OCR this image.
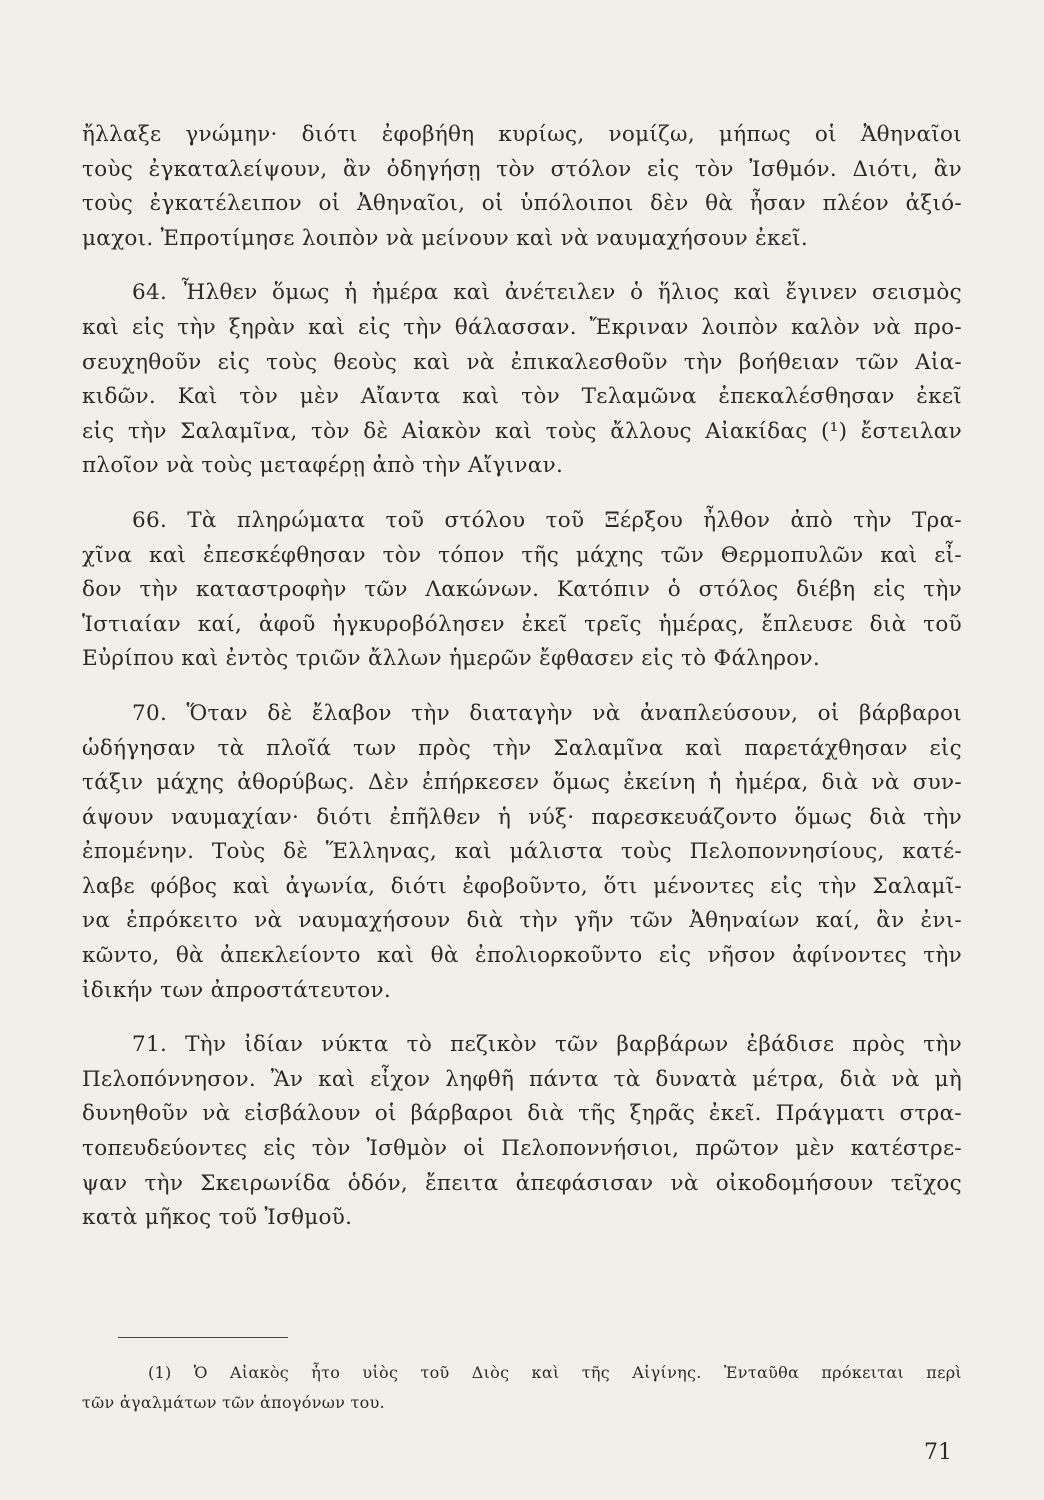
ἤλλαξε γνώμην· διότι ἐφοβήθη κυρίως, νομίζω, μήπως οἱ Ἀθηναῖοι
τοὺς ἐγκαταλείψουν, ἂν ὁδηγήσῃ τὸν στόλον εἰς τὸν Ἰσθμόν. Διότι, ἂν
τοὺς ἐγκατέλειπον οἱ Ἀθηναῖοι, οἱ ὑπόλοιποι δὲν θὰ ἦσαν πλέον ἀξιό-
μαχοι. Ἐπροτίμησε λοιπὸν νὰ μείνουν καὶ νὰ ναυμαχήσουν ἐκεῖ.
64. Ἦλθεν ὅμως ἡ ἡμέρα καὶ ἀνέτειλεν ὁ ἥλιος καὶ ἔγινεν σεισμὸς
καὶ εἰς τὴν ξηρὰν καὶ εἰς τὴν θάλασσαν. Ἔκριναν λοιπὸν καλὸν νὰ προ-
σευχηθοῦν εἰς τοὺς θεοὺς καὶ νὰ ἐπικαλεσθοῦν τὴν βοήθειαν τῶν Αἰα-
κιδῶν. Καὶ τὸν μὲν Αἴαντα καὶ τὸν Τελαμῶνα ἐπεκαλέσθησαν ἐκεῖ
εἰς τὴν Σαλαμῖνα, τὸν δὲ Αἰακὸν καὶ τοὺς ἄλλους Αἰακίδας (¹) ἔστειλαν
πλοῖον νὰ τοὺς μεταφέρῃ ἀπὸ τὴν Αἴγιναν.
66. Τὰ πληρώματα τοῦ στόλου τοῦ Ξέρξου ἦλθον ἀπὸ τὴν Τρα-
χῖνα καὶ ἐπεσκέφθησαν τὸν τόπον τῆς μάχης τῶν Θερμοπυλῶν καὶ εἶ-
δον τὴν καταστροφὴν τῶν Λακώνων. Κατόπιν ὁ στόλος διέβη εἰς τὴν
Ἱστιαίαν καί, ἀφοῦ ἠγκυροβόλησεν ἐκεῖ τρεῖς ἡμέρας, ἔπλευσε διὰ τοῦ
Εὐρίπου καὶ ἐντὸς τριῶν ἄλλων ἡμερῶν ἔφθασεν εἰς τὸ Φάληρον.
70. Ὅταν δὲ ἔλαβον τὴν διαταγὴν νὰ ἀναπλεύσουν, οἱ βάρβαροι
ὡδήγησαν τὰ πλοῖά των πρὸς τὴν Σαλαμῖνα καὶ παρετάχθησαν εἰς
τάξιν μάχης ἀθορύβως. Δὲν ἐπήρκεσεν ὅμως ἐκείνη ἡ ἡμέρα, διὰ νὰ συν-
άψουν ναυμαχίαν· διότι ἐπῆλθεν ἡ νύξ· παρεσκευάζοντο ὅμως διὰ τὴν
ἐπομένην. Τοὺς δὲ Ἕλληνας, καὶ μάλιστα τοὺς Πελοποννησίους, κατέ-
λαβε φόβος καὶ ἀγωνία, διότι ἐφοβοῦντο, ὅτι μένοντες εἰς τὴν Σαλαμῖ-
να ἐπρόκειτο νὰ ναυμαχήσουν διὰ τὴν γῆν τῶν Ἀθηναίων καί, ἂν ἐνι-
κῶντο, θὰ ἀπεκλείοντο καὶ θὰ ἐπολιορκοῦντο εἰς νῆσον ἀφίνοντες τὴν
ἰδικήν των ἀπροστάτευτον.
71. Τὴν ἰδίαν νύκτα τὸ πεζικὸν τῶν βαρβάρων ἐβάδισε πρὸς τὴν
Πελοπόννησον. Ἂν καὶ εἶχον ληφθῆ πάντα τὰ δυνατὰ μέτρα, διὰ νὰ μὴ
δυνηθοῦν νὰ εἰσβάλουν οἱ βάρβαροι διὰ τῆς ξηρᾶς ἐκεῖ. Πράγματι στρα-
τοπευδεύοντες εἰς τὸν Ἰσθμὸν οἱ Πελοποννήσιοι, πρῶτον μὲν κατέστρε-
ψαν τὴν Σκειρωνίδα ὁδόν, ἔπειτα ἀπεφάσισαν νὰ οἰκοδομήσουν τεῖχος
κατὰ μῆκος τοῦ Ἰσθμοῦ.
(1) Ὁ Αἰακὸς ἦτο υἱὸς τοῦ Διὸς καὶ τῆς Αἰγίνης. Ἐνταῦθα πρόκειται περὶ
τῶν ἀγαλμάτων τῶν ἀπογόνων του.
71
